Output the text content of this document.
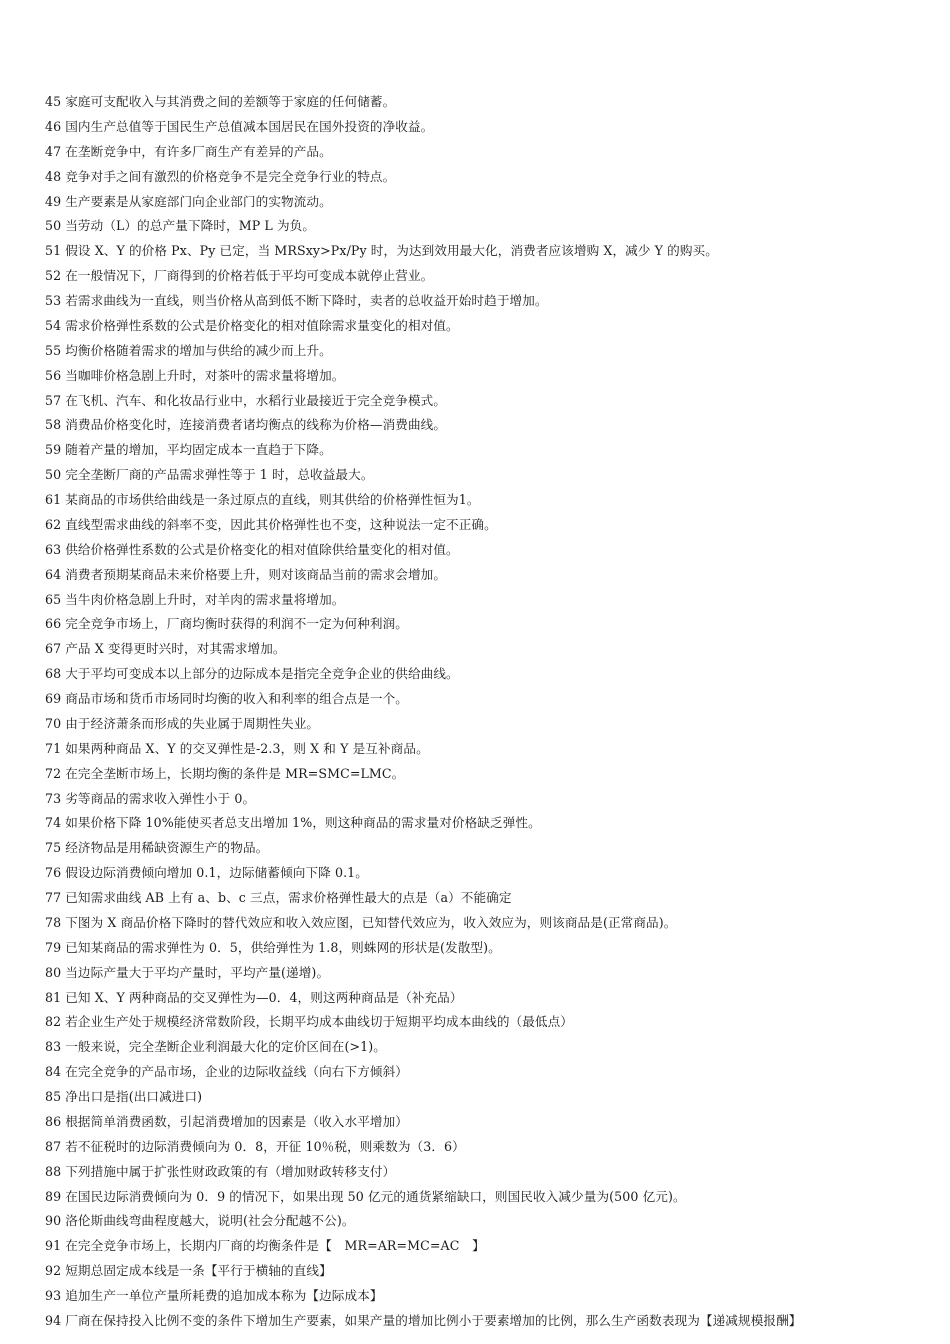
45 家庭可支配收入与其消费之间的差额等于家庭的任何储蓄。
46 国内生产总值等于国民生产总值减本国居民在国外投资的净收益。
47 在垄断竞争中，有许多厂商生产有差异的产品。
48 竞争对手之间有激烈的价格竞争不是完全竞争行业的特点。
49 生产要素是从家庭部门向企业部门的实物流动。
50 当劳动（L）的总产量下降时，MP L 为负。
51 假设 X、Y 的价格 Px、Py 已定，当 MRSxy>Px/Py 时，为达到效用最大化，消费者应该增购 X，减少 Y 的购买。
52 在一般情况下，厂商得到的价格若低于平均可变成本就停止营业。
53 若需求曲线为一直线，则当价格从高到低不断下降时，卖者的总收益开始时趋于增加。
54 需求价格弹性系数的公式是价格变化的相对值除需求量变化的相对值。
55 均衡价格随着需求的增加与供给的减少而上升。
56 当咖啡价格急剧上升时，对茶叶的需求量将增加。
57 在飞机、汽车、和化妆品行业中，水稻行业最接近于完全竞争模式。
58 消费品价格变化时，连接消费者诸均衡点的线称为价格—消费曲线。
59 随着产量的增加，平均固定成本一直趋于下降。
50 完全垄断厂商的产品需求弹性等于 1 时，总收益最大。
61 某商品的市场供给曲线是一条过原点的直线，则其供给的价格弹性恒为1。
62 直线型需求曲线的斜率不变，因此其价格弹性也不变，这种说法一定不正确。
63 供给价格弹性系数的公式是价格变化的相对值除供给量变化的相对值。
64 消费者预期某商品未来价格要上升，则对该商品当前的需求会增加。
65 当牛肉价格急剧上升时，对羊肉的需求量将增加。
66 完全竞争市场上，厂商均衡时获得的利润不一定为何种利润。
67 产品 X 变得更时兴时，对其需求增加。
68 大于平均可变成本以上部分的边际成本是指完全竞争企业的供给曲线。
69 商品市场和货币市场同时均衡的收入和利率的组合点是一个。
70 由于经济萧条而形成的失业属于周期性失业。
71 如果两种商品 X、Y 的交叉弹性是-2.3，则 X 和 Y 是互补商品。
72 在完全垄断市场上，长期均衡的条件是 MR=SMC=LMC。
73 劣等商品的需求收入弹性小于 0。
74 如果价格下降 10%能使买者总支出增加 1%，则这种商品的需求量对价格缺乏弹性。
75 经济物品是用稀缺资源生产的物品。
76 假设边际消费倾向增加 0.1，边际储蓄倾向下降 0.1。
77 已知需求曲线 AB 上有 a、b、c 三点，需求价格弹性最大的点是（a）不能确定
78 下图为 X 商品价格下降时的替代效应和收入效应图，已知替代效应为，收入效应为，则该商品是(正常商品)。
79 已知某商品的需求弹性为 0．5，供给弹性为 1.8，则蛛网的形状是(发散型)。
80 当边际产量大于平均产量时，平均产量(递增)。
81 已知 X、Y 两种商品的交叉弹性为—0．4，则这两种商品是（补充品）
82 若企业生产处于规模经济常数阶段，长期平均成本曲线切于短期平均成本曲线的（最低点）
83 一般来说，完全垄断企业利润最大化的定价区间在(>1)。
84 在完全竞争的产品市场，企业的边际收益线（向右下方倾斜）
85 净出口是指(出口减进口)
86 根据简单消费函数，引起消费增加的因素是（收入水平增加）
87 若不征税时的边际消费倾向为 0．8，开征 10％税，则乘数为（3．6）
88 下列措施中属于扩张性财政政策的有（增加财政转移支付）
89 在国民边际消费倾向为 0．9 的情况下，如果出现 50 亿元的通货紧缩缺口，则国民收入减少量为(500 亿元)。
90 洛伦斯曲线弯曲程度越大，说明(社会分配越不公)。
91 在完全竞争市场上，长期内厂商的均衡条件是【　MR=AR=MC=AC　】
92 短期总固定成本线是一条【平行于横轴的直线】
93 追加生产一单位产量所耗费的追加成本称为【边际成本】
94 厂商在保持投入比例不变的条件下增加生产要素，如果产量的增加比例小于要素增加的比例，那么生产函数表现为【递减规模报酬】
